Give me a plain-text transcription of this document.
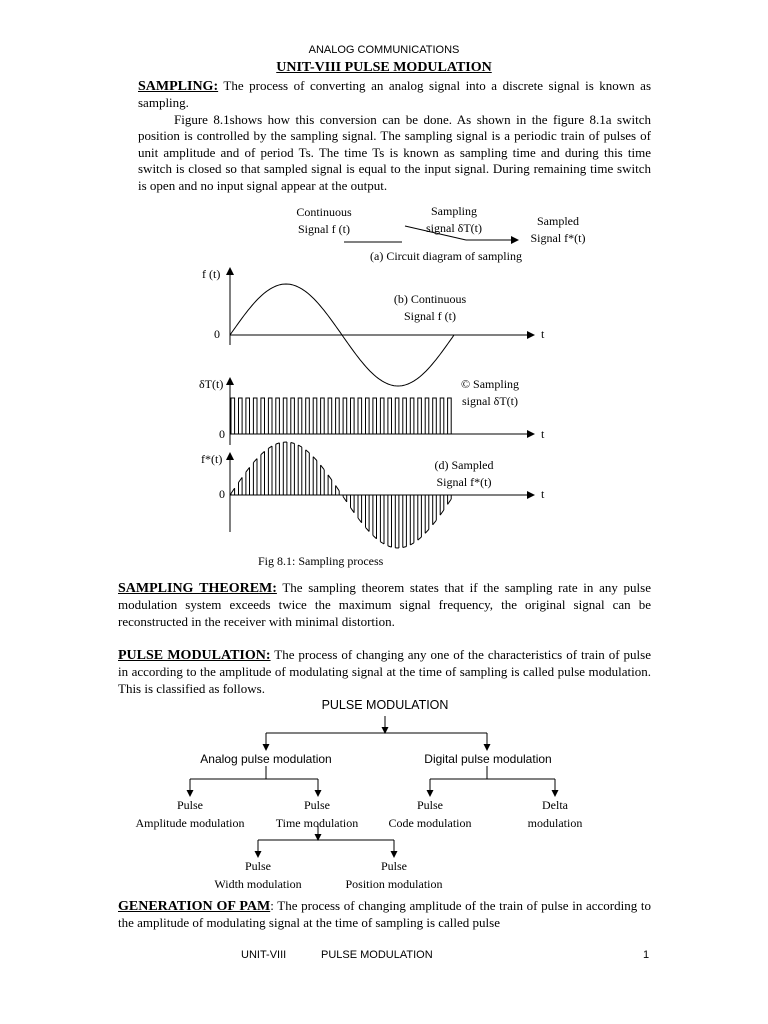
ANALOG COMMUNICATIONS
UNIT-VIII PULSE MODULATION
SAMPLING: The process of converting an analog signal into a discrete signal is known as sampling.
Figure 8.1shows how this conversion can be done. As shown in the figure 8.1a switch position is controlled by the sampling signal. The sampling signal is a periodic train of pulses of unit amplitude and of period Ts. The time Ts is known as sampling time and during this time switch is closed so that sampled signal is equal to the input signal. During remaining time switch is open and no input signal appear at the output.
Continuous
Signal f (t)
Sampling
signal δT(t)	Sampled
Signal f*(t)
(a) Circuit diagram of sampling
f (t)
0	t
(b) Continuous
Signal f (t)
δT(t)
0	t
© Sampling
signal δT(t)
f*(t)
0	t
(d) Sampled
Signal f*(t)
Fig 8.1: Sampling process
SAMPLING THEOREM: The sampling theorem states that if the sampling rate in any pulse modulation system exceeds twice the maximum signal frequency, the original signal can be reconstructed in the receiver with minimal distortion.
PULSE MODULATION: The process of changing any one of the characteristics of train of pulse in according to the amplitude of modulating signal at the time of sampling is called pulse modulation. This is classified as follows.
PULSE MODULATION
Analog pulse modulation	Digital pulse modulation
Pulse
Amplitude modulation
Pulse
Time modulation
Pulse
Code modulation
Delta
modulation
Pulse
Width modulation
Pulse
Position modulation
GENERATION OF PAM: The process of changing amplitude of the train of pulse in according to the amplitude of modulating signal at the time of sampling is called pulse
UNIT-VIII	PULSE MODULATION	1
